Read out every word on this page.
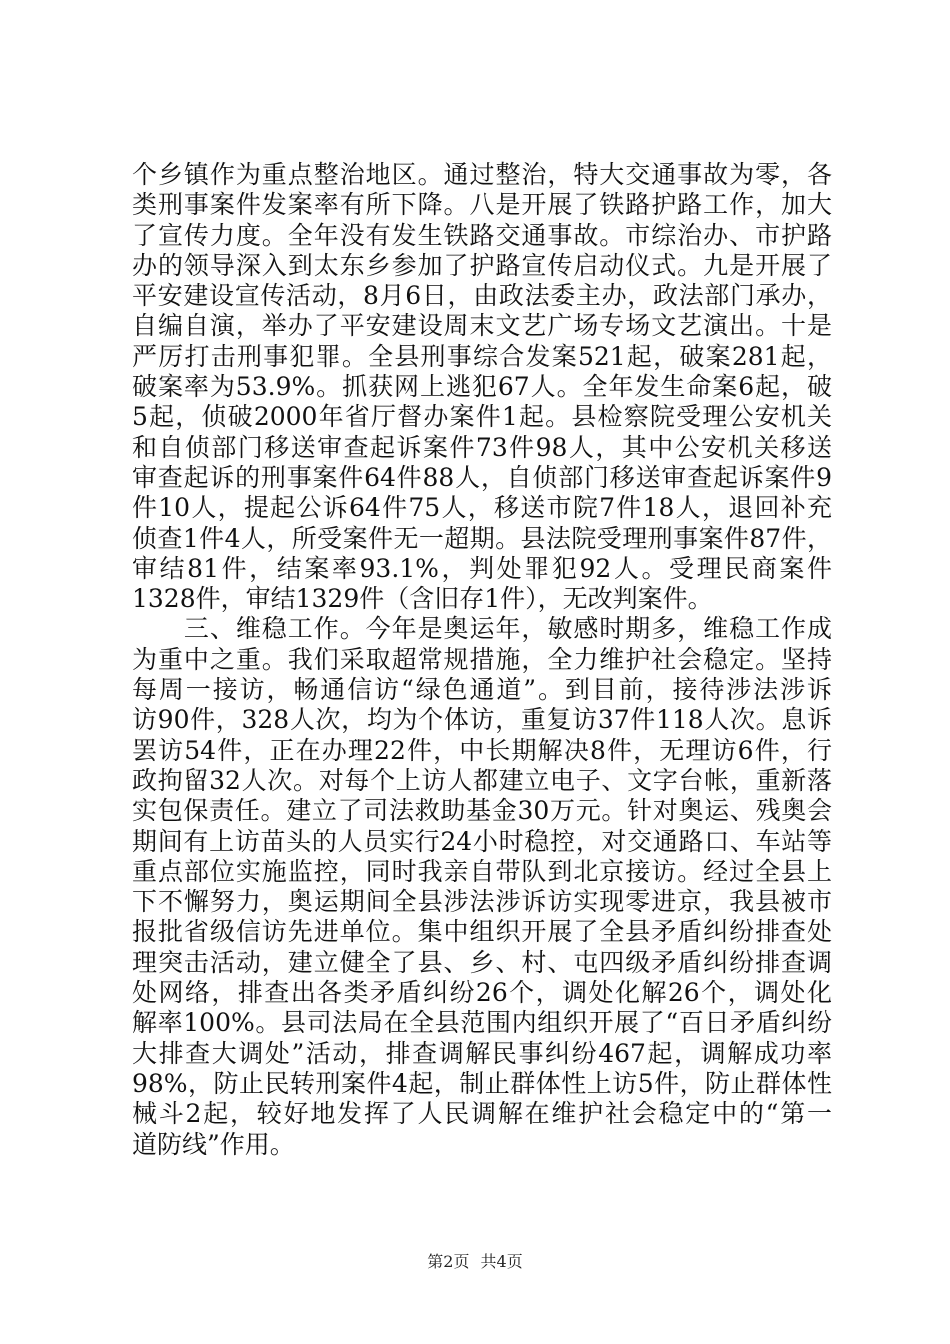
个乡镇作为重点整治地区。通过整治，特大交通事故为零，各
类刑事案件发案率有所下降。八是开展了铁路护路工作，加大
了宣传力度。全年没有发生铁路交通事故。市综治办、市护路
办的领导深入到太东乡参加了护路宣传启动仪式。九是开展了
平安建设宣传活动，8月6日，由政法委主办，政法部门承办，
自编自演，举办了平安建设周末文艺广场专场文艺演出。十是
严厉打击刑事犯罪。全县刑事综合发案521起，破案281起，
破案率为53.9%。抓获网上逃犯67人。全年发生命案6起，破
5起，侦破2000年省厅督办案件1起。县检察院受理公安机关
和自侦部门移送审查起诉案件73件98人，其中公安机关移送
审查起诉的刑事案件64件88人，自侦部门移送审查起诉案件9
件10人，提起公诉64件75人，移送市院7件18人，退回补充
侦查1件4人，所受案件无一超期。县法院受理刑事案件87件，
审结81件，结案率93.1%，判处罪犯92人。受理民商案件
1328件，审结1329件（含旧存1件），无改判案件。
　　三、维稳工作。今年是奥运年，敏感时期多，维稳工作成
为重中之重。我们采取超常规措施，全力维护社会稳定。坚持
每周一接访，畅通信访“绿色通道”。到目前，接待涉法涉诉
访90件，328人次，均为个体访，重复访37件118人次。息诉
罢访54件，正在办理22件，中长期解决8件，无理访6件，行
政拘留32人次。对每个上访人都建立电子、文字台帐，重新落
实包保责任。建立了司法救助基金30万元。针对奥运、残奥会
期间有上访苗头的人员实行24小时稳控，对交通路口、车站等
重点部位实施监控，同时我亲自带队到北京接访。经过全县上
下不懈努力，奥运期间全县涉法涉诉访实现零进京，我县被市
报批省级信访先进单位。集中组织开展了全县矛盾纠纷排查处
理突击活动，建立健全了县、乡、村、屯四级矛盾纠纷排查调
处网络，排查出各类矛盾纠纷26个，调处化解26个，调处化
解率100%。县司法局在全县范围内组织开展了“百日矛盾纠纷
大排查大调处”活动，排查调解民事纠纷467起，调解成功率
98%，防止民转刑案件4起，制止群体性上访5件，防止群体性
械斗2起，较好地发挥了人民调解在维护社会稳定中的“第一
道防线”作用。
第2页 共4页
